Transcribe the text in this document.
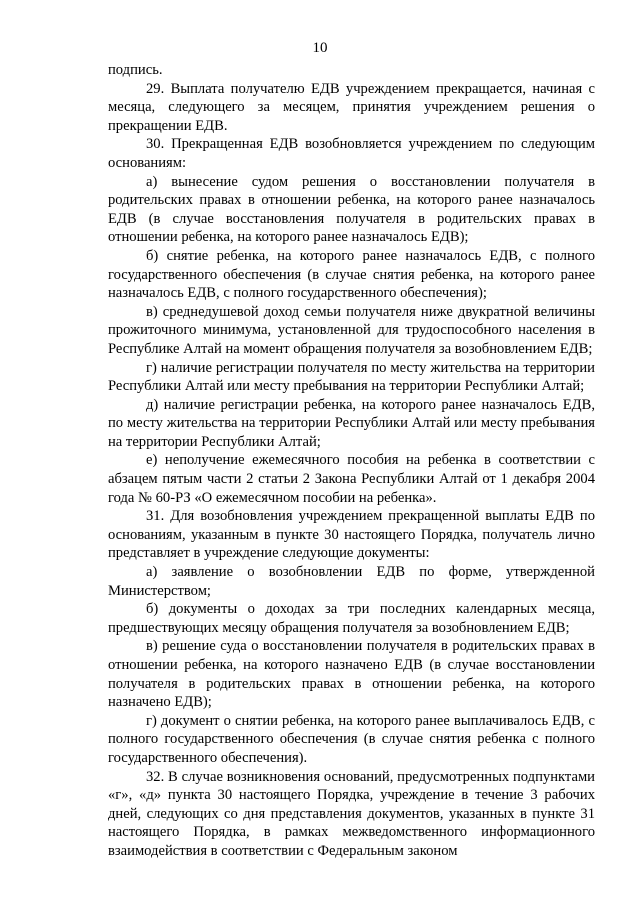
10

подпись.

29. Выплата получателю ЕДВ учреждением прекращается, начиная с месяца, следующего за месяцем, принятия учреждением решения о прекращении ЕДВ.

30. Прекращенная ЕДВ возобновляется учреждением по следующим основаниям:

а) вынесение судом решения о восстановлении получателя в родительских правах в отношении ребенка, на которого ранее назначалось ЕДВ (в случае восстановления получателя в родительских правах в отношении ребенка, на которого ранее назначалось ЕДВ);

б) снятие ребенка, на которого ранее назначалось ЕДВ, с полного государственного обеспечения (в случае снятия ребенка, на которого ранее назначалось ЕДВ, с полного государственного обеспечения);

в) среднедушевой доход семьи получателя ниже двукратной величины прожиточного минимума, установленной для трудоспособного населения в Республике Алтай на момент обращения получателя за возобновлением ЕДВ;

г) наличие регистрации получателя по месту жительства на территории Республики Алтай или месту пребывания на территории Республики Алтай;

д) наличие регистрации ребенка, на которого ранее назначалось ЕДВ, по месту жительства на территории Республики Алтай или месту пребывания на территории Республики Алтай;

е) неполучение ежемесячного пособия на ребенка в соответствии с абзацем пятым части 2 статьи 2 Закона Республики Алтай от 1 декабря 2004 года № 60-РЗ «О ежемесячном пособии на ребенка».

31. Для возобновления учреждением прекращенной выплаты ЕДВ по основаниям, указанным в пункте 30 настоящего Порядка, получатель лично представляет в учреждение следующие документы:

а) заявление о возобновлении ЕДВ по форме, утвержденной Министерством;

б) документы о доходах за три последних календарных месяца, предшествующих месяцу обращения получателя за возобновлением ЕДВ;

в) решение суда о восстановлении получателя в родительских правах в отношении ребенка, на которого назначено ЕДВ (в случае восстановлении получателя в родительских правах в отношении ребенка, на которого назначено ЕДВ);

г) документ о снятии ребенка, на которого ранее выплачивалось ЕДВ, с полного государственного обеспечения (в случае снятия ребенка с полного государственного обеспечения).

32. В случае возникновения оснований, предусмотренных подпунктами «г», «д» пункта 30 настоящего Порядка, учреждение в течение 3 рабочих дней, следующих со дня представления документов, указанных в пункте 31 настоящего Порядка, в рамках межведомственного информационного взаимодействия в соответствии с Федеральным законом
